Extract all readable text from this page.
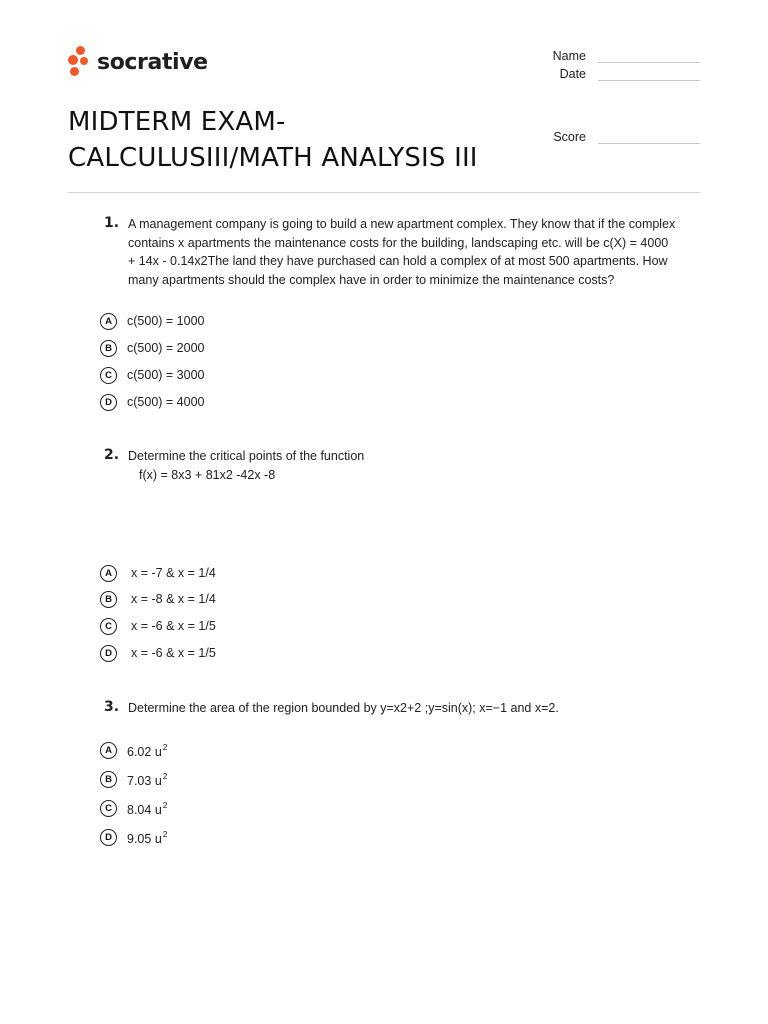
socrative	Name
Date
Score
MIDTERM EXAM-
CALCULUSIII/MATH ANALYSIS III
1. A management company is going to build a new apartment complex. They know that if the complex contains x apartments the maintenance costs for the building, landscaping etc. will be c(X) = 4000 + 14x - 0.14x2The land they have purchased can hold a complex of at most 500 apartments. How many apartments should the complex have in order to minimize the maintenance costs?
A	c(500) = 1000
B	c(500) = 2000
C	c(500) = 3000
D	c(500) = 4000
2. Determine the critical points of the function
f(x) = 8x3 + 81x2 -42x -8
A	x = -7 & x = 1/4
B	x = -8 & x = 1/4
C	x = -6 & x = 1/5
D	x = -6 & x = 1/5
3. Determine the area of the region bounded by y=x2+2 ;y=sin(x); x=−1 and x=2.
A	6.02 $u^2$
B	7.03 $u^2$
C	8.04 $u^2$
D	9.05 $u^2$
